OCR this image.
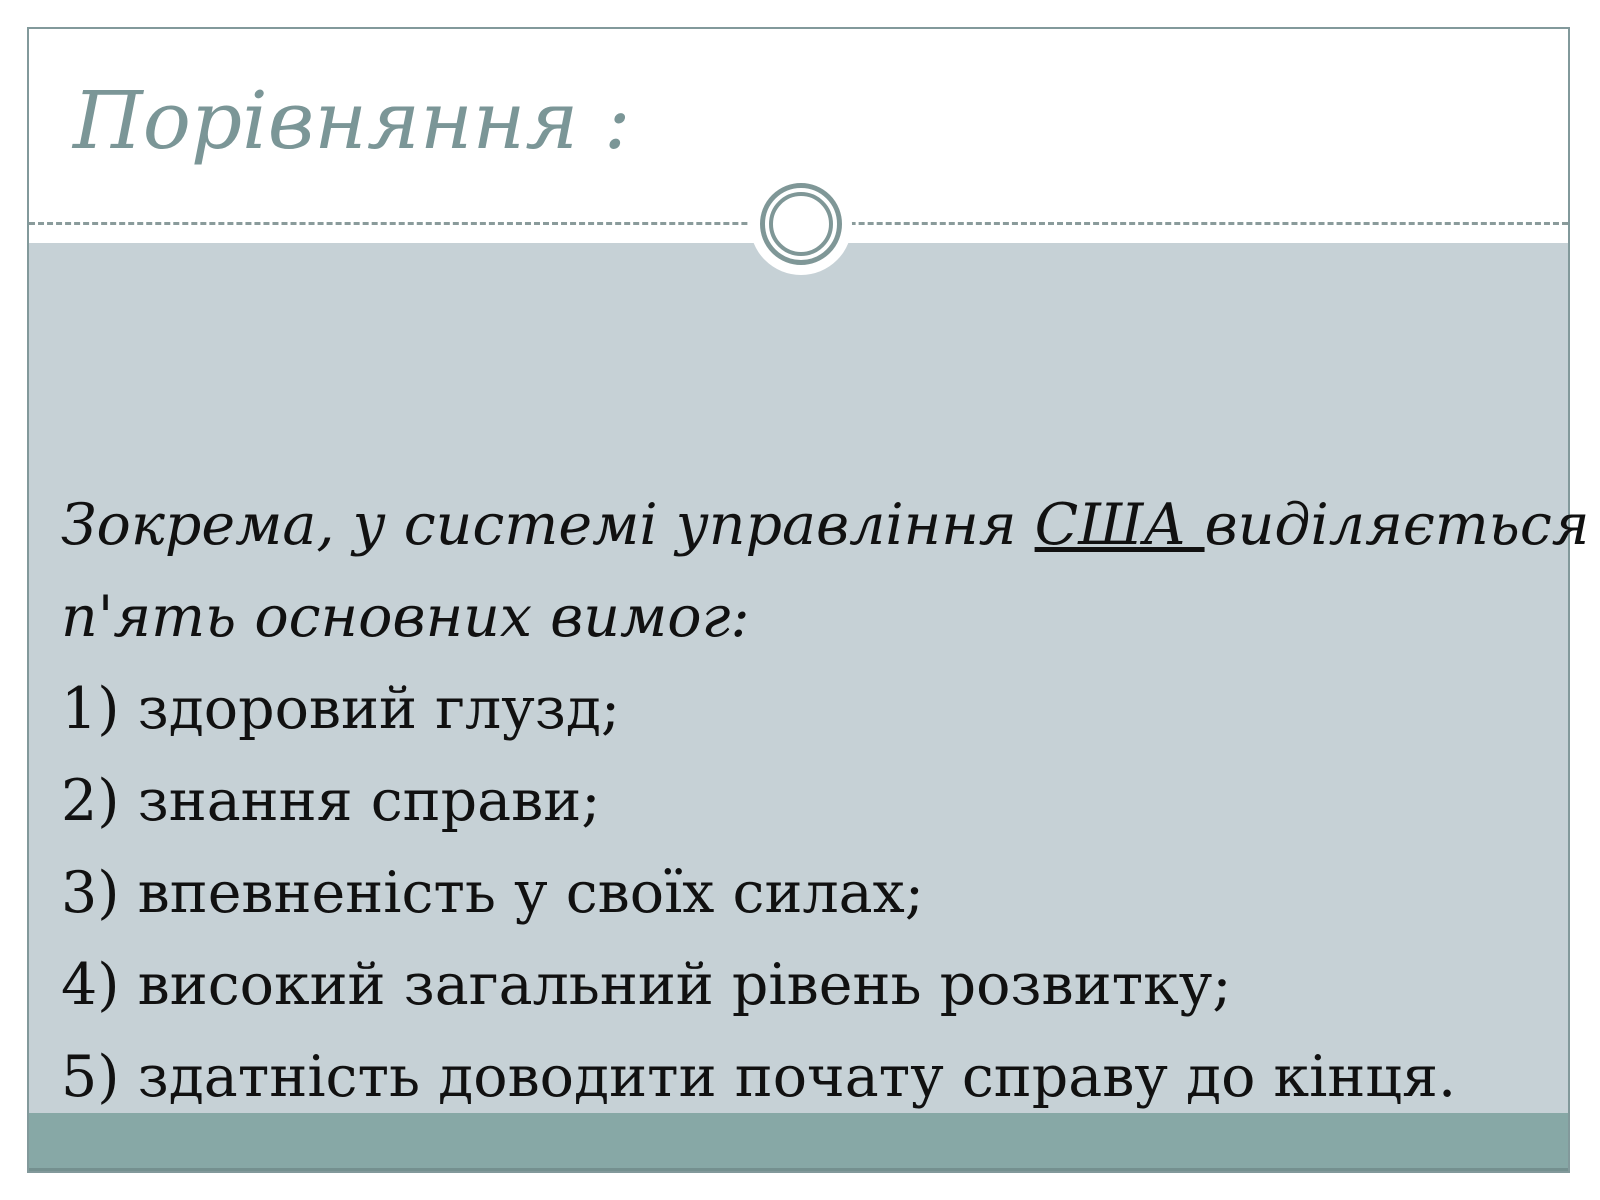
Порівняння :
Зокрема, у системі управління США виділяється
п'ять основних вимог:
1) здоровий глузд;
2) знання справи;
3) впевненість у своїх силах;
4) високий загальний рівень розвитку;
5) здатність доводити почату справу до кінця.
